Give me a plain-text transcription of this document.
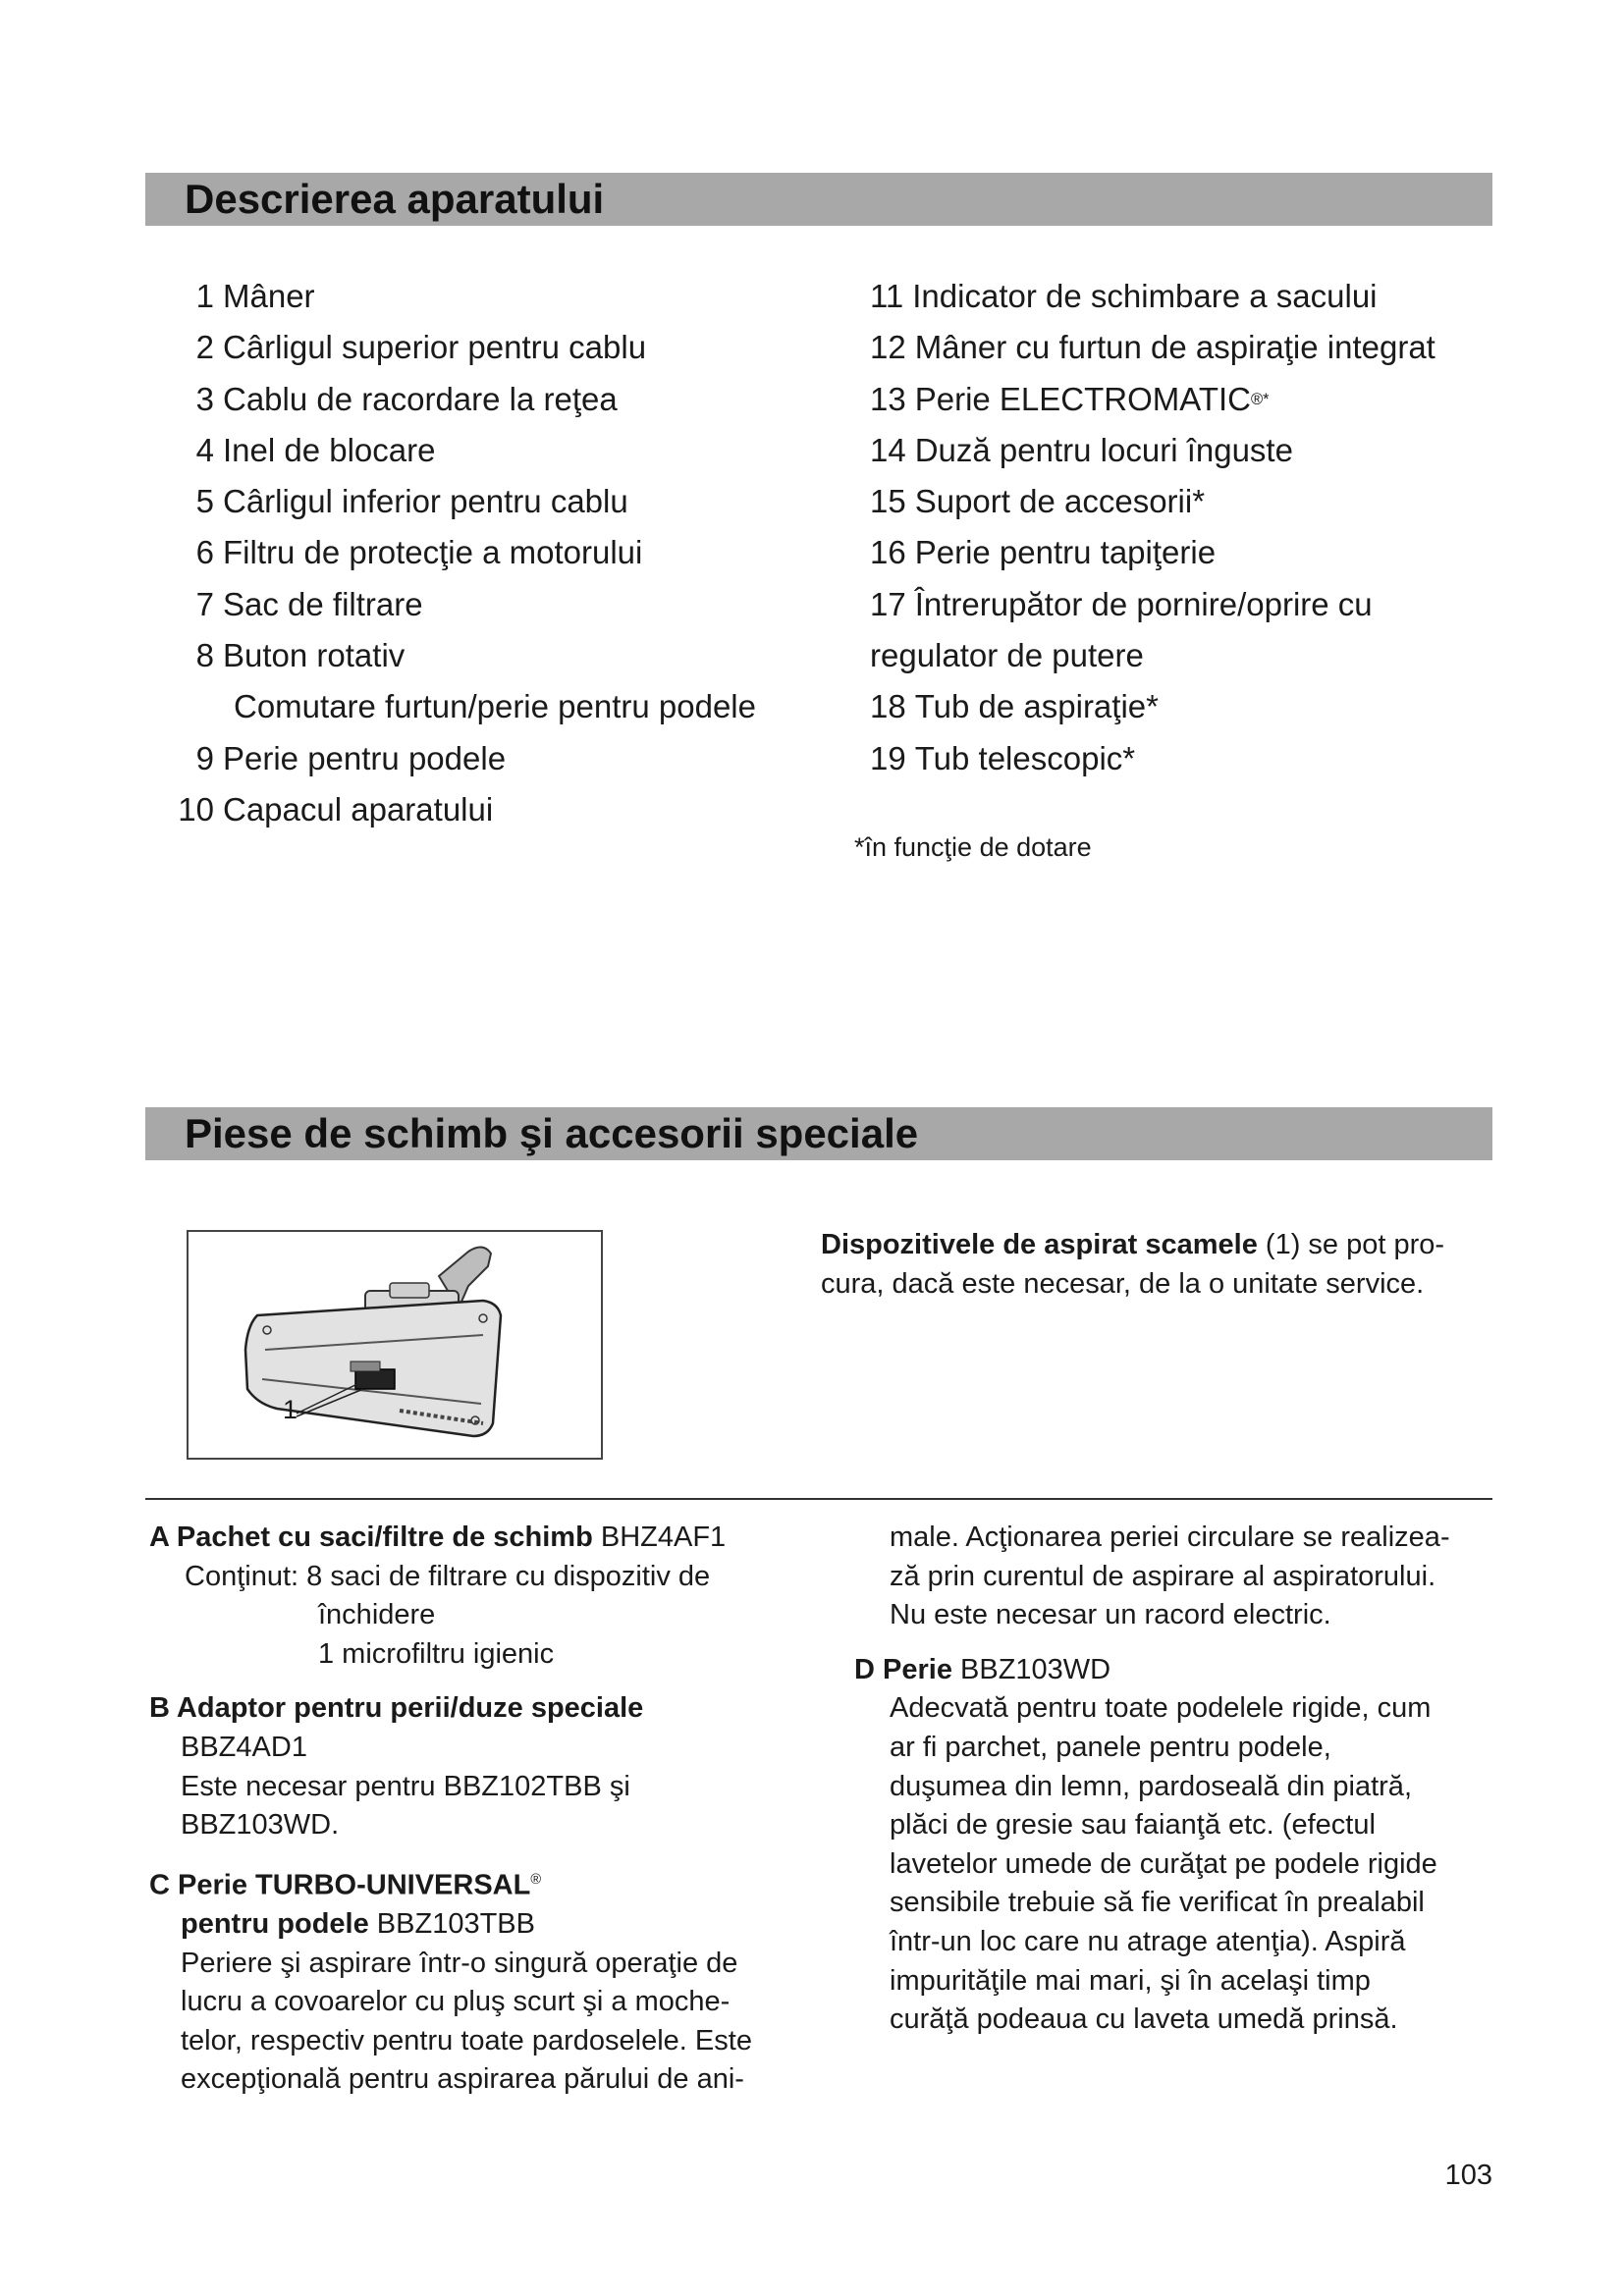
Descrierea aparatului
1 Mâner
2 Cârligul superior pentru cablu
3 Cablu de racordare la reţea
4 Inel de blocare
5 Cârligul inferior pentru cablu
6 Filtru de protecţie a motorului
7 Sac de filtrare
8 Buton rotativ
Comutare furtun/perie pentru podele
9 Perie pentru podele
10 Capacul aparatului
11 Indicator de schimbare a sacului
12 Mâner cu furtun de aspiraţie integrat
13 Perie ELECTROMATIC ®*
14 Duză pentru locuri înguste
15 Suport de accesorii*
16 Perie pentru tapiţerie
17 Întrerupător de pornire/oprire cu
regulator de putere
18 Tub de aspiraţie*
19 Tub telescopic*
*în funcţie de dotare
Piese de schimb şi accesorii speciale
1

Dispozitivele de aspirat scamele (1) se pot pro-

cura, dacă este necesar, de la o unitate service.

A Pachet cu saci/filtre de schimb BHZ4AF1

Conţinut: 8 saci de filtrare cu dispozitiv de

închidere

1 microfiltru igienic

B Adaptor pentru perii/duze speciale

BBZ4AD1

Este necesar pentru BBZ102TBB şi

BBZ103WD.

C Perie TURBO-UNIVERSAL®

pentru podele BBZ103TBB

Periere şi aspirare într-o singură operaţie de

lucru a covoarelor cu pluş scurt şi a moche-

telor, respectiv pentru toate pardoselele. Este

excepţională pentru aspirarea părului de ani-

male. Acţionarea periei circulare se realizea-

ză prin curentul de aspirare al aspiratorului.

Nu este necesar un racord electric.

D Perie BBZ103WD

Adecvată pentru toate podelele rigide, cum

ar fi parchet, panele pentru podele,

duşumea din lemn, pardoseală din piatră,

plăci de gresie sau faianţă etc. (efectul

lavetelor umede de curăţat pe podele rigide

sensibile trebuie să fie verificat în prealabil

într-un loc care nu atrage atenţia). Aspiră

impurităţile mai mari, şi în acelaşi timp

curăţă podeaua cu laveta umedă prinsă.

103
